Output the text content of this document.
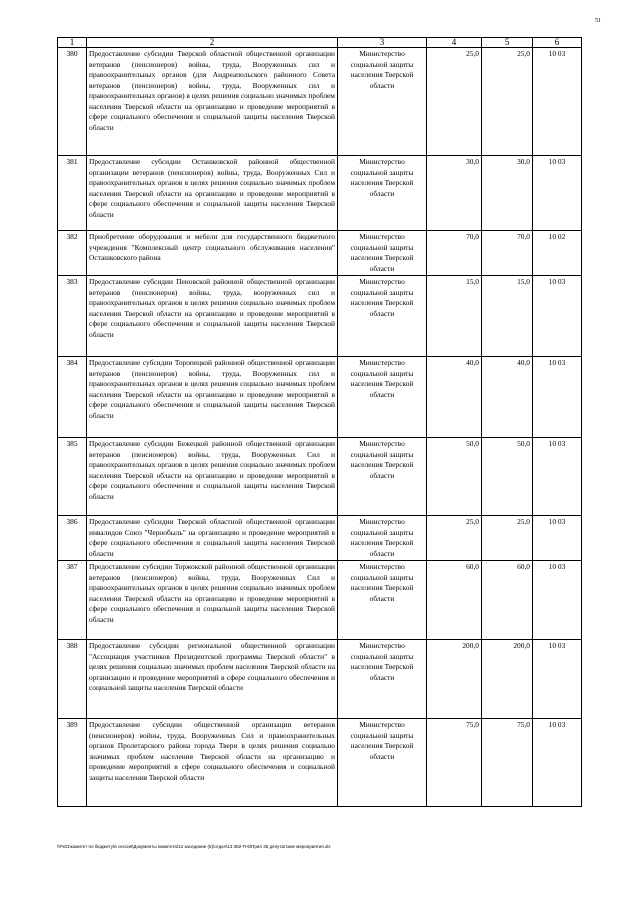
51
1	2	3	4	5	6
380	Предоставление субсидии Тверской областной общественной организации ветеранов (пенсионеров) войны, труда, Вооруженных сил и правоохранительных органов (для Андреапольского районного Совета ветеранов (пенсионеров) войны, труда, Вооруженных сил и правоохранительных органов) в целях решения социально значимых проблем населения Тверской области на организацию и проведение мероприятий в сфере социального обеспечения и социальной защиты населения Тверской области	Министерство социальной защиты населения Тверской области	25,0	25,0	10 03
381	Предоставление субсидии Осташковской районной общественной организации ветеранов (пенсионеров) войны, труда, Вооруженных Сил и правоохранительных органов в целях решения социально значимых проблем населения Тверской области на организацию и проведение мероприятий в сфере социального обеспечения и социальной защиты населения Тверской области	Министерство социальной защиты населения Тверской области	30,0	30,0	10 03
382	Приобретение оборудования и мебели для государственного бюджетного учреждения "Комплексный центр социального обслуживания населения" Осташковского района	Министерство социальной защиты населения Тверской области	70,0	70,0	10 02
383	Предоставление субсидии Пеновской районной общественной организации ветеранов (пенсионеров) войны, труда, вооруженных сил и правоохранительных органов в целях решения социально значимых проблем населения Тверской области на организацию и проведение мероприятий в сфере социального обеспечения и социальной защиты населения Тверской области	Министерство социальной защиты населения Тверской области	15,0	15,0	10 03
384	Предоставление субсидии Торопецкой районной общественной организации ветеранов (пенсионеров) войны, труда, Вооруженных сил и правоохранительных органов в целях решения социально значимых проблем населения Тверской области на организацию и проведение мероприятий в сфере социального обеспечения и социальной защиты населения Тверской области	Министерство социальной защиты населения Тверской области	40,0	40,0	10 03
385	Предоставление субсидии Бежецкой районной общественной организации ветеранов (пенсионеров) войны, труда, Вооруженных Сил и правоохранительных органов в целях решения социально значимых проблем населения Тверской области на организацию и проведение мероприятий в сфере социального обеспечения и социальной защиты населения Тверской области	Министерство социальной защиты населения Тверской области	50,0	50,0	10 03
386	Предоставление субсидии Тверской областной общественной организации инвалидов Союз "Чернобыль" на организацию и проведение мероприятий в сфере социального обеспечения и социальной защиты населения Тверской области	Министерство социальной защиты населения Тверской области	25,0	25,0	10 03
387	Предоставление субсидии Торжокской районной общественной организации ветеранов (пенсионеров) войны, труда, Вооруженных Сил и правоохранительных органов в целях решения социально значимых проблем населения Тверской области на организацию и проведение мероприятий в сфере социального обеспечения и социальной защиты населения Тверской области	Министерство социальной защиты населения Тверской области	60,0	60,0	10 03
388	Предоставление субсидии региональной общественной организации "Ассоциация участников Президентской программы Тверской области" в целях решения социально значимых проблем населения Тверской области на организацию и проведение мероприятий в сфере социального обеспечения и социальной защиты населения Тверской области	Министерство социальной защиты населения Тверской области	200,0	200,0	10 03
389	Предоставление субсидии общественной организации ветеранов (пенсионеров) войны, труда, Вооруженных Сил и правоохранительных органов Пролетарского района города Твери в целях решения социально значимых проблем населения Тверской области на организацию и проведение мероприятий в сфере социального обеспечения и социальной защиты населения Тверской области	Министерство социальной защиты населения Тверской области	75,0	75,0	10 03
\\Fs01\комитет по бюджету\6 сессия\Документы комитета\12 заседание (6)\отдел\13 382-П-6\Прил 35 депутатские мероприятия.xls
